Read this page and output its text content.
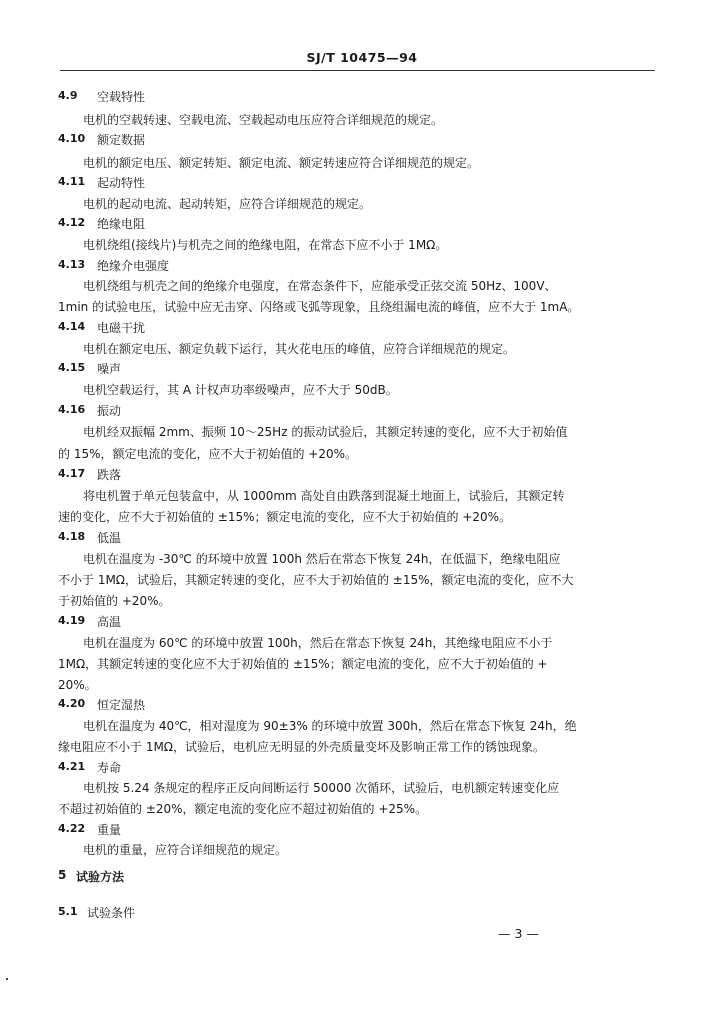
SJ/T 10475—94
4.9 空载特性
电机的空载转速、空载电流、空载起动电压应符合详细规范的规定。
4.10 额定数据
电机的额定电压、额定转矩、额定电流、额定转速应符合详细规范的规定。
4.11 起动特性
电机的起动电流、起动转矩，应符合详细规范的规定。
4.12 绝缘电阻
电机绕组(接线片)与机壳之间的绝缘电阻，在常态下应不小于 1MΩ。
4.13 绝缘介电强度
电机绕组与机壳之间的绝缘介电强度，在常态条件下，应能承受正弦交流 50Hz、100V、
1min 的试验电压，试验中应无击穿、闪络或飞弧等现象，且绕组漏电流的峰值，应不大于 1mA。
4.14 电磁干扰
电机在额定电压、额定负载下运行，其火花电压的峰值，应符合详细规范的规定。
4.15 噪声
电机空载运行，其 A 计权声功率级噪声，应不大于 50dB。
4.16 振动
电机经双振幅 2mm、振频 10～25Hz 的振动试验后，其额定转速的变化，应不大于初始值
的 15%，额定电流的变化，应不大于初始值的 +20%。
4.17 跌落
将电机置于单元包装盒中，从 1000mm 高处自由跌落到混凝土地面上，试验后，其额定转
速的变化，应不大于初始值的 ±15%；额定电流的变化，应不大于初始值的 +20%。
4.18 低温
电机在温度为 -30℃ 的环境中放置 100h 然后在常态下恢复 24h，在低温下，绝缘电阻应
不小于 1MΩ，试验后，其额定转速的变化，应不大于初始值的 ±15%，额定电流的变化，应不大
于初始值的 +20%。
4.19 高温
电机在温度为 60℃ 的环境中放置 100h，然后在常态下恢复 24h，其绝缘电阻应不小于
1MΩ，其额定转速的变化应不大于初始值的 ±15%；额定电流的变化，应不大于初始值的 +
20%。
4.20 恒定湿热
电机在温度为 40℃，相对湿度为 90±3% 的环境中放置 300h，然后在常态下恢复 24h，绝
缘电阻应不小于 1MΩ，试验后，电机应无明显的外壳质量变坏及影响正常工作的锈蚀现象。
4.21 寿命
电机按 5.24 条规定的程序正反向间断运行 50000 次循环，试验后，电机额定转速变化应
不超过初始值的 ±20%，额定电流的变化应不超过初始值的 +25%。
4.22 重量
电机的重量，应符合详细规范的规定。
5 试验方法
5.1 试验条件
— 3 —
